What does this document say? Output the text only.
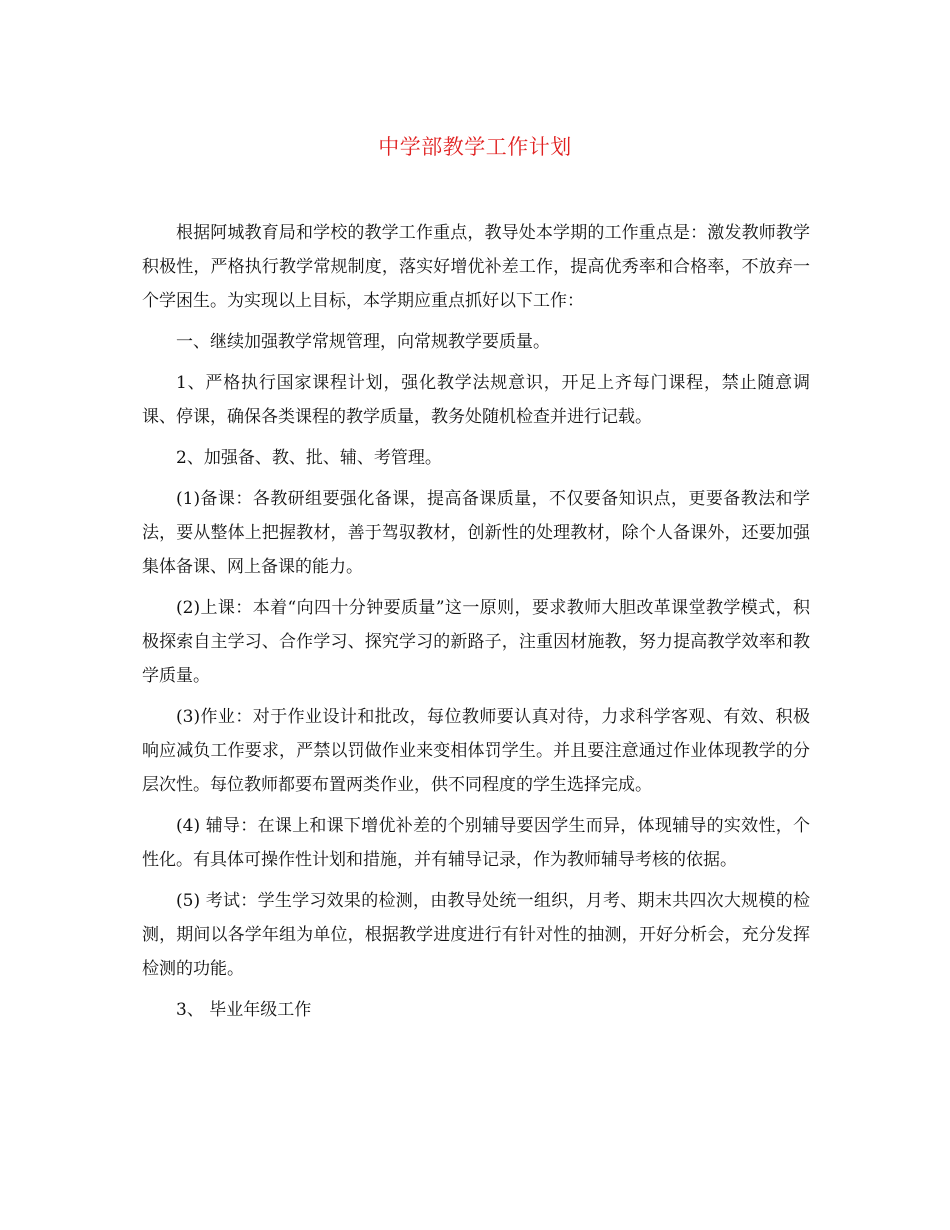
中学部教学工作计划

根据阿城教育局和学校的教学工作重点，教导处本学期的工作重点是：激发教师教学积极性，严格执行教学常规制度，落实好增优补差工作，提高优秀率和合格率，不放弃一个学困生。为实现以上目标，本学期应重点抓好以下工作：

一、继续加强教学常规管理，向常规教学要质量。

1、严格执行国家课程计划，强化教学法规意识，开足上齐每门课程，禁止随意调课、停课，确保各类课程的教学质量，教务处随机检查并进行记载。

2、加强备、教、批、辅、考管理。

(1)备课：各教研组要强化备课，提高备课质量，不仅要备知识点，更要备教法和学法，要从整体上把握教材，善于驾驭教材，创新性的处理教材，除个人备课外，还要加强集体备课、网上备课的能力。

(2)上课：本着“向四十分钟要质量”这一原则，要求教师大胆改革课堂教学模式，积极探索自主学习、合作学习、探究学习的新路子，注重因材施教，努力提高教学效率和教学质量。

(3)作业：对于作业设计和批改，每位教师要认真对待，力求科学客观、有效、积极响应减负工作要求，严禁以罚做作业来变相体罚学生。并且要注意通过作业体现教学的分层次性。每位教师都要布置两类作业，供不同程度的学生选择完成。

(4) 辅导：在课上和课下增优补差的个别辅导要因学生而异，体现辅导的实效性，个性化。有具体可操作性计划和措施，并有辅导记录，作为教师辅导考核的依据。

(5) 考试：学生学习效果的检测，由教导处统一组织，月考、期末共四次大规模的检测，期间以各学年组为单位，根据教学进度进行有针对性的抽测，开好分析会，充分发挥检测的功能。

3、 毕业年级工作
